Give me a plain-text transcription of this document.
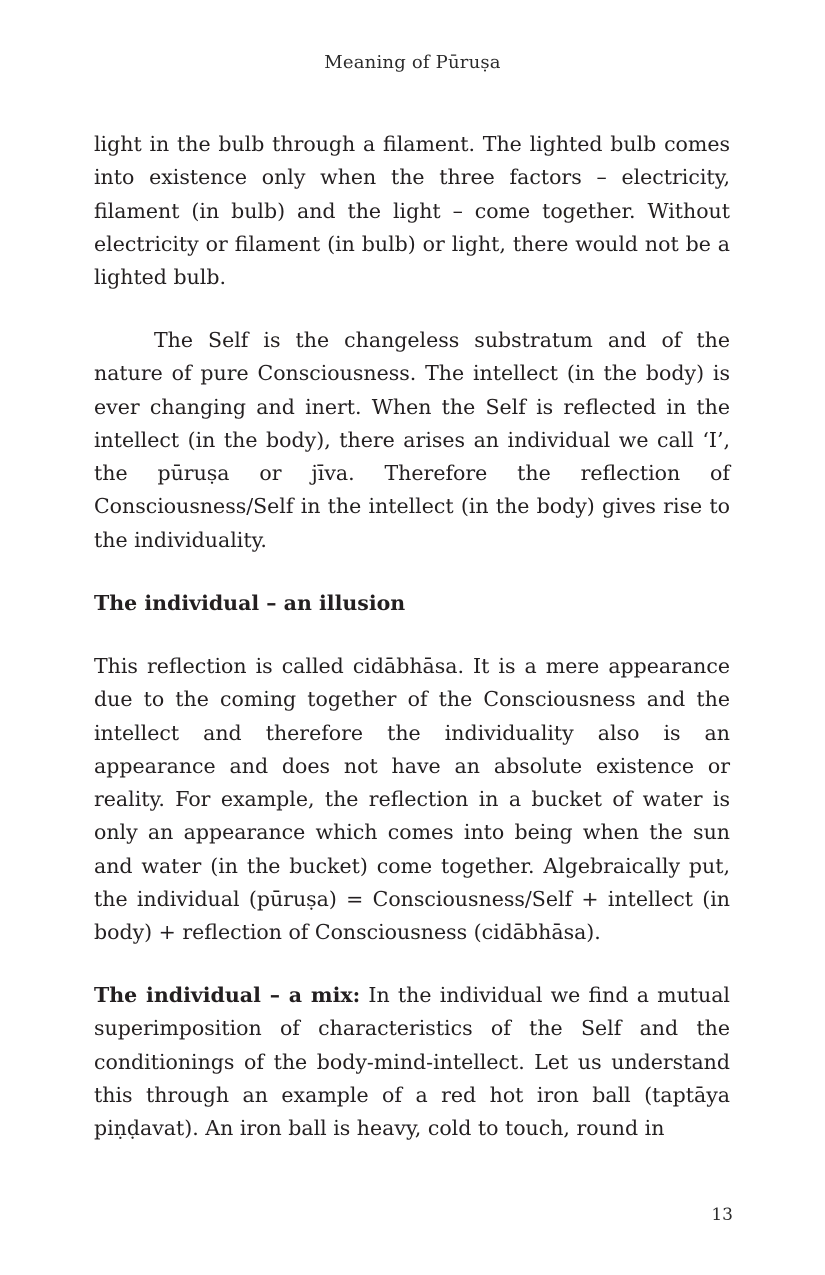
Meaning of Pūruṣa

light in the bulb through a filament. The lighted bulb comes into existence only when the three factors – electricity, filament (in bulb) and the light – come together. Without electricity or filament (in bulb) or light, there would not be a lighted bulb.

The Self is the changeless substratum and of the nature of pure Consciousness. The intellect (in the body) is ever changing and inert. When the Self is reflected in the intellect (in the body), there arises an individual we call ‘I’, the pūruṣa or jīva. Therefore the reflection of Consciousness/Self in the intellect (in the body) gives rise to the individuality.

The individual – an illusion

This reflection is called cidābhāsa. It is a mere appearance due to the coming together of the Consciousness and the intellect and therefore the individuality also is an appearance and does not have an absolute existence or reality. For example, the reflection in a bucket of water is only an appearance which comes into being when the sun and water (in the bucket) come together. Algebraically put, the individual (pūruṣa) = Consciousness/Self + intellect (in body) + reflection of Consciousness (cidābhāsa).

The individual – a mix: In the individual we find a mutual superimposition of characteristics of the Self and the conditionings of the body-mind-intellect. Let us understand this through an example of a red hot iron ball (taptāya piṇḍavat). An iron ball is heavy, cold to touch, round in

13
